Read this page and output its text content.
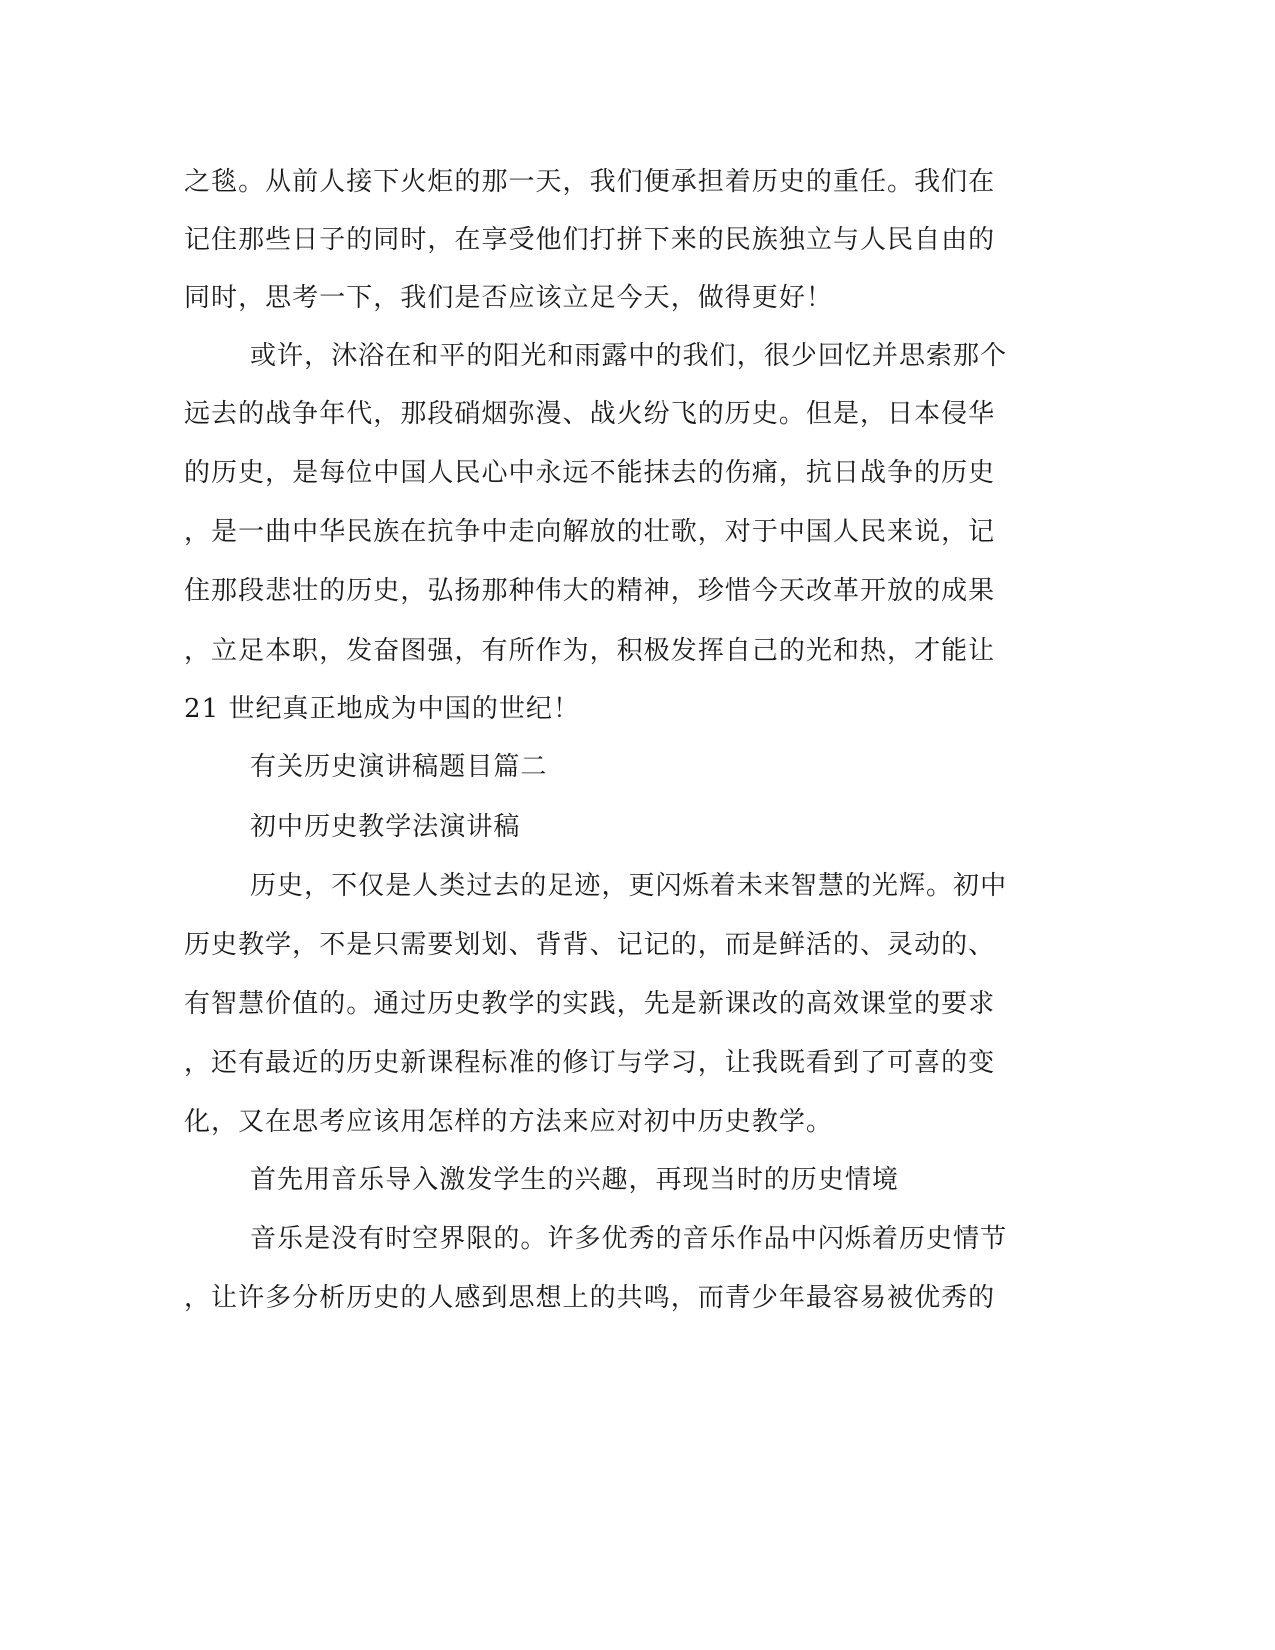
之毯。从前人接下火炬的那一天，我们便承担着历史的重任。我们在
记住那些日子的同时，在享受他们打拼下来的民族独立与人民自由的
同时，思考一下，我们是否应该立足今天，做得更好！
或许，沐浴在和平的阳光和雨露中的我们，很少回忆并思索那个
远去的战争年代，那段硝烟弥漫、战火纷飞的历史。但是，日本侵华
的历史，是每位中国人民心中永远不能抹去的伤痛，抗日战争的历史
，是一曲中华民族在抗争中走向解放的壮歌，对于中国人民来说，记
住那段悲壮的历史，弘扬那种伟大的精神，珍惜今天改革开放的成果
，立足本职，发奋图强，有所作为，积极发挥自己的光和热，才能让
21 世纪真正地成为中国的世纪！
有关历史演讲稿题目篇二
初中历史教学法演讲稿
历史，不仅是人类过去的足迹，更闪烁着未来智慧的光辉。初中
历史教学，不是只需要划划、背背、记记的，而是鲜活的、灵动的、
有智慧价值的。通过历史教学的实践，先是新课改的高效课堂的要求
，还有最近的历史新课程标准的修订与学习，让我既看到了可喜的变
化，又在思考应该用怎样的方法来应对初中历史教学。
首先用音乐导入激发学生的兴趣，再现当时的历史情境
音乐是没有时空界限的。许多优秀的音乐作品中闪烁着历史情节
，让许多分析历史的人感到思想上的共鸣，而青少年最容易被优秀的
